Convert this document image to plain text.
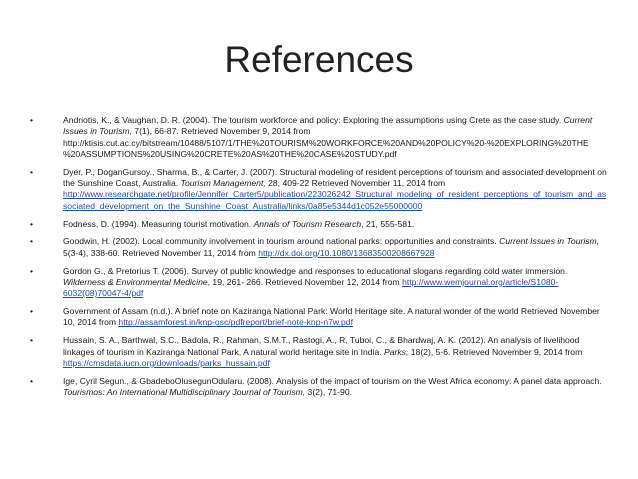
References
•	Andriotis, K., & Vaughan, D. R. (2004). The tourism workforce and policy: Exploring the assumptions using Crete as the case study. Current Issues in Tourism, 7(1), 66-87. Retrieved November 9, 2014 from http://ktisis.cut.ac.cy/bitstream/10488/5107/1/THE%20TOURISM%20WORKFORCE%20AND%20POLICY%20-%20EXPLORING%20THE %20ASSUMPTIONS%20USING%20CRETE%20AS%20THE%20CASE%20STUDY.pdf
•	Dyer, P., DoganGursoy., Sharma, B., & Carter, J. (2007). Structural modeling of resident perceptions of tourism and associated development on the Sunshine Coast, Australia. Tourism Management, 28, 409-22 Retrieved November 11, 2014 from http://www.researchgate.net/profile/Jennifer_Carter5/publication/223026242_Structural_modeling_of_resident_perceptions_of_tourism_and_associated_development_on_the_Sunshine_Coast_Australia/links/0a85e5344d1c052e55000000
•	Fodness, D. (1994). Measuring tourist motivation. Annals of Tourism Research, 21, 555-581.
•	Goodwin, H. (2002). Local community involvement in tourism around national parks: opportunities and constraints. Current Issues in Tourism, 5(3-4), 338-60. Retrieved November 11, 2014 from http://dx.doi.org/10.1080/13683500208667928
•	Gordon G., & Pretorius T. (2006). Survey of public knowledge and responses to educational slogans regarding cold water immersion. Wilderness & Environmental Medicine, 19, 261- 266. Retrieved November 12, 2014 from http://www.wemjournal.org/article/S1080-6032(08)70047-4/pdf
•	Government of Assam (n.d.). A brief note on Kaziranga National Park: World Heritage site. A natural wonder of the world Retrieved November 10, 2014 from http://assamforest.in/knp-osc/pdfreport/brief-note-knp-n7w.pdf
•	Hussain, S. A., Barthwal, S.C., Badola, R., Rahman, S.M.T., Rastogi, A., R, Tuboi, C., & Bhardwaj, A. K. (2012). An analysis of livelihood linkages of tourism in Kaziranga National Park, A natural world heritage site in India. Parks, 18(2), 5-6. Retrieved November 9, 2014 from https://cmsdata.iucn.org/downloads/parks_hussain.pdf
•	Ige, Cyril Segun., & GbadeboOlusegunOdularu. (2008). Analysis of the impact of tourism on the West Africa economy: A panel data approach. Tourismos: An International Multidisciplinary Journal of Tourism, 3(2), 71-90.
